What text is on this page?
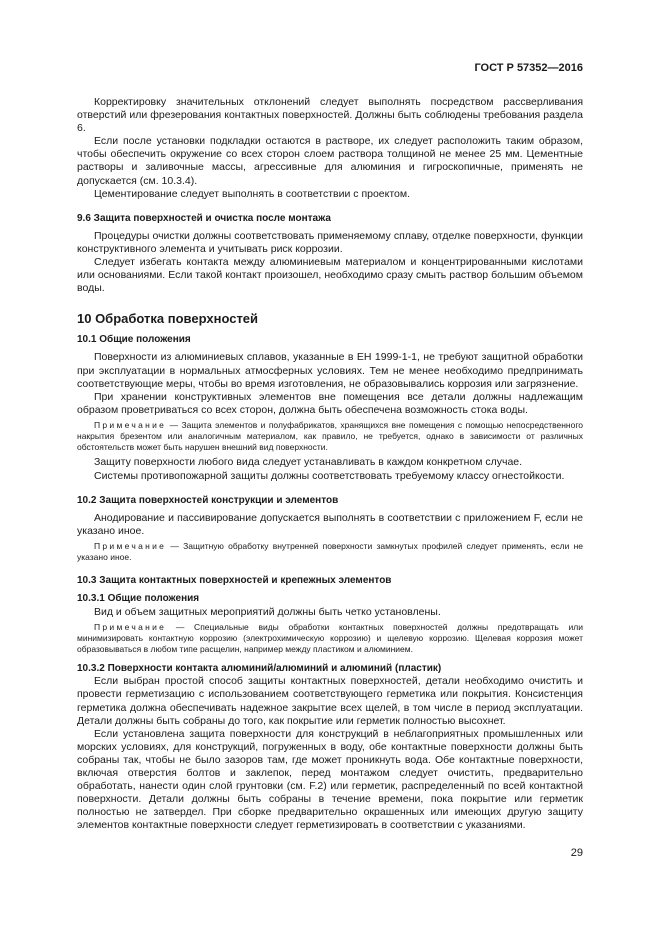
ГОСТ Р 57352—2016

Корректировку значительных отклонений следует выполнять посредством рассверливания отверстий или фрезерования контактных поверхностей. Должны быть соблюдены требования раздела 6.

Если после установки подкладки остаются в растворе, их следует расположить таким образом, чтобы обеспечить окружение со всех сторон слоем раствора толщиной не менее 25 мм. Цементные растворы и заливочные массы, агрессивные для алюминия и гигроскопичные, применять не допускается (см. 10.3.4).

Цементирование следует выполнять в соответствии с проектом.

9.6 Защита поверхностей и очистка после монтажа

Процедуры очистки должны соответствовать применяемому сплаву, отделке поверхности, функции конструктивного элемента и учитывать риск коррозии.

Следует избегать контакта между алюминиевым материалом и концентрированными кислотами или основаниями. Если такой контакт произошел, необходимо сразу смыть раствор большим объемом воды.

10 Обработка поверхностей

10.1 Общие положения

Поверхности из алюминиевых сплавов, указанные в ЕН 1999-1-1, не требуют защитной обработки при эксплуатации в нормальных атмосферных условиях. Тем не менее необходимо предпринимать соответствующие меры, чтобы во время изготовления, не образовывались коррозия или загрязнение.

При хранении конструктивных элементов вне помещения все детали должны надлежащим образом проветриваться со всех сторон, должна быть обеспечена возможность стока воды.

Примечание — Защита элементов и полуфабрикатов, хранящихся вне помещения с помощью непосредственного накрытия брезентом или аналогичным материалом, как правило, не требуется, однако в зависимости от различных обстоятельств может быть нарушен внешний вид поверхности.

Защиту поверхности любого вида следует устанавливать в каждом конкретном случае.

Системы противопожарной защиты должны соответствовать требуемому классу огнестойкости.

10.2 Защита поверхностей конструкции и элементов

Анодирование и пассивирование допускается выполнять в соответствии с приложением F, если не указано иное.

Примечание — Защитную обработку внутренней поверхности замкнутых профилей следует применять, если не указано иное.

10.3 Защита контактных поверхностей и крепежных элементов

10.3.1 Общие положения

Вид и объем защитных мероприятий должны быть четко установлены.

Примечание — Специальные виды обработки контактных поверхностей должны предотвращать или минимизировать контактную коррозию (электрохимическую коррозию) и щелевую коррозию. Щелевая коррозия может образовываться в любом типе расщелин, например между пластиком и алюминием.

10.3.2 Поверхности контакта алюминий/алюминий и алюминий (пластик)

Если выбран простой способ защиты контактных поверхностей, детали необходимо очистить и провести герметизацию с использованием соответствующего герметика или покрытия. Консистенция герметика должна обеспечивать надежное закрытие всех щелей, в том числе в период эксплуатации. Детали должны быть собраны до того, как покрытие или герметик полностью высохнет.

Если установлена защита поверхности для конструкций в неблагоприятных промышленных или морских условиях, для конструкций, погруженных в воду, обе контактные поверхности должны быть собраны так, чтобы не было зазоров там, где может проникнуть вода. Обе контактные поверхности, включая отверстия болтов и заклепок, перед монтажом следует очистить, предварительно обработать, нанести один слой грунтовки (см. F.2) или герметик, распределенный по всей контактной поверхности. Детали должны быть собраны в течение времени, пока покрытие или герметик полностью не затвердел. При сборке предварительно окрашенных или имеющих другую защиту элементов контактные поверхности следует герметизировать в соответствии с указаниями.

29
